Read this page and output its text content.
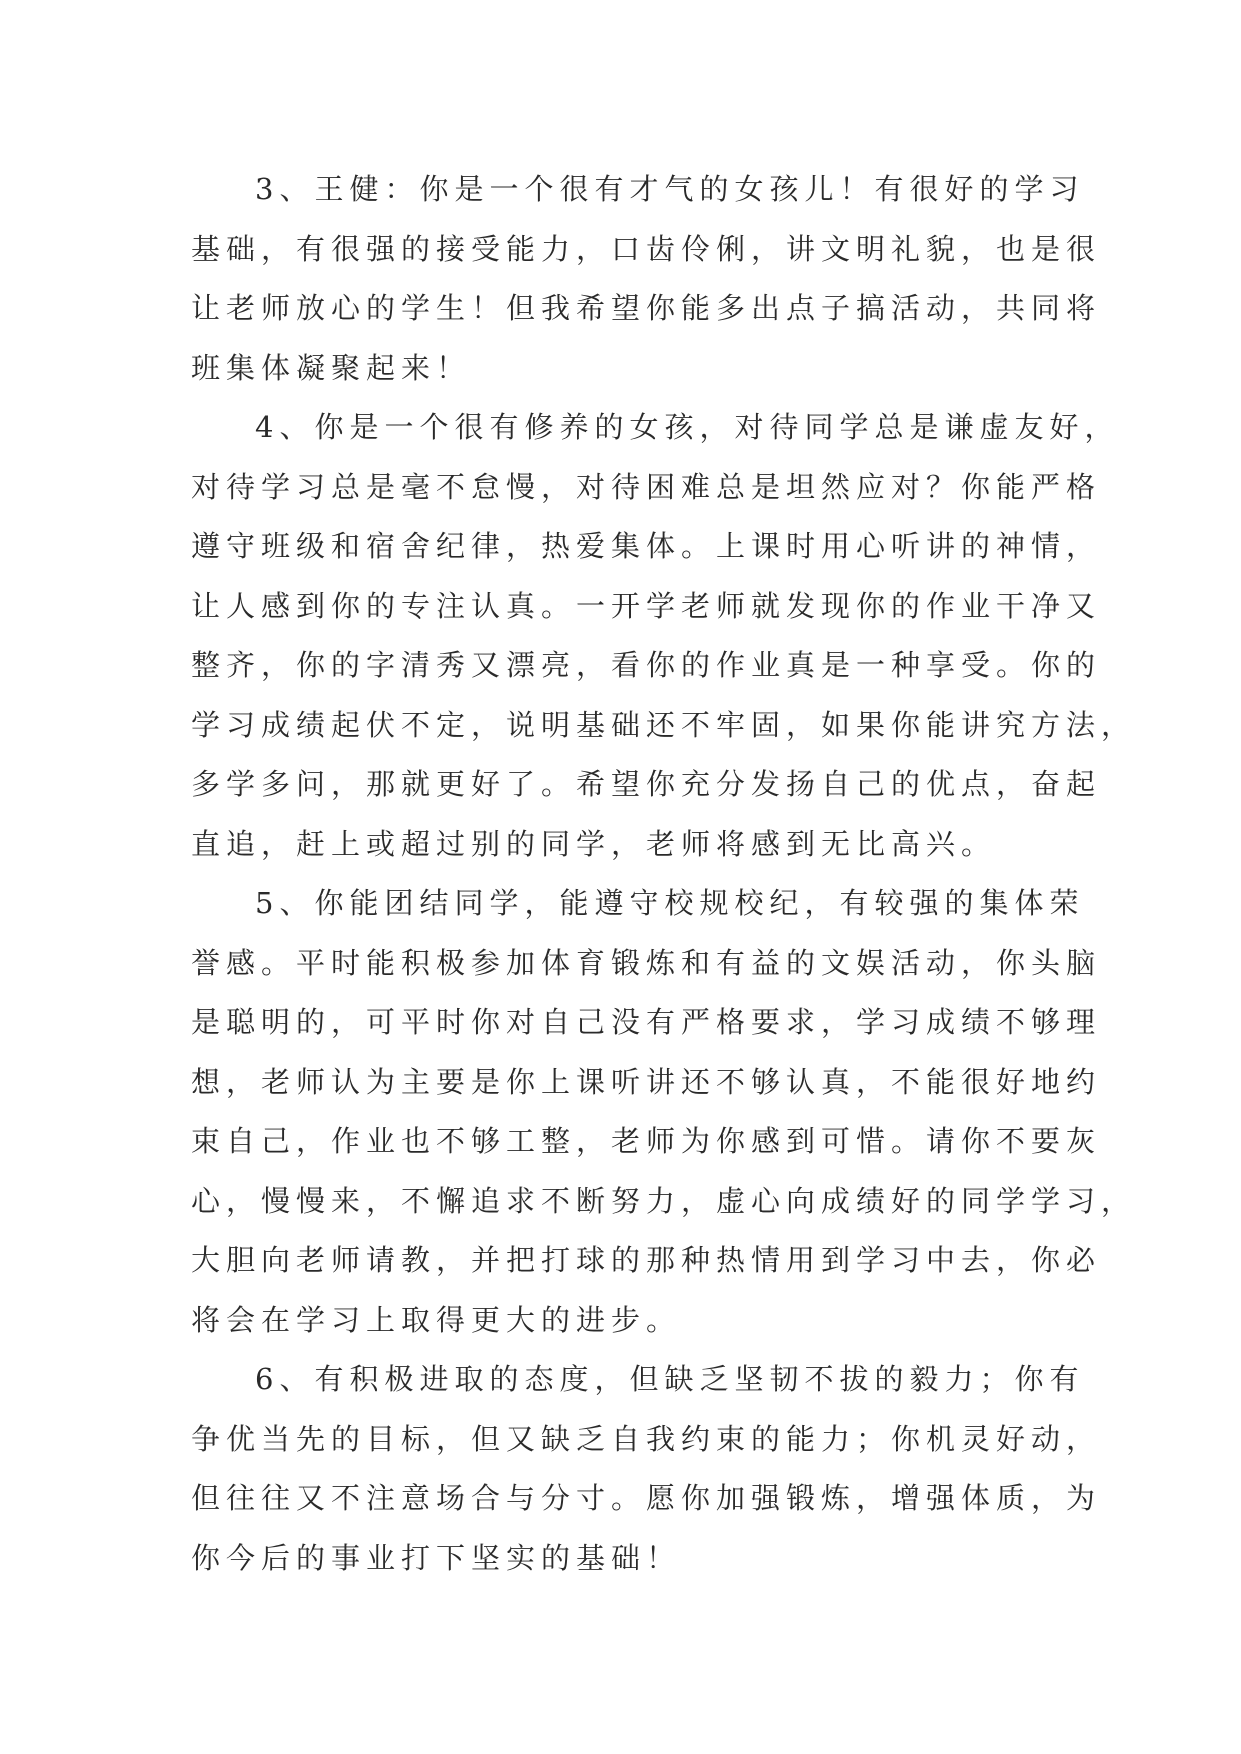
3、王健：你是一个很有才气的女孩儿！有很好的学习
基础，有很强的接受能力，口齿伶俐，讲文明礼貌，也是很
让老师放心的学生！但我希望你能多出点子搞活动，共同将
班集体凝聚起来！
4、你是一个很有修养的女孩，对待同学总是谦虚友好，
对待学习总是毫不怠慢，对待困难总是坦然应对？你能严格
遵守班级和宿舍纪律，热爱集体。上课时用心听讲的神情，
让人感到你的专注认真。一开学老师就发现你的作业干净又
整齐，你的字清秀又漂亮，看你的作业真是一种享受。你的
学习成绩起伏不定，说明基础还不牢固，如果你能讲究方法，
多学多问，那就更好了。希望你充分发扬自己的优点，奋起
直追，赶上或超过别的同学，老师将感到无比高兴。
5、你能团结同学，能遵守校规校纪，有较强的集体荣
誉感。平时能积极参加体育锻炼和有益的文娱活动，你头脑
是聪明的，可平时你对自己没有严格要求，学习成绩不够理
想，老师认为主要是你上课听讲还不够认真，不能很好地约
束自己，作业也不够工整，老师为你感到可惜。请你不要灰
心，慢慢来，不懈追求不断努力，虚心向成绩好的同学学习，
大胆向老师请教，并把打球的那种热情用到学习中去，你必
将会在学习上取得更大的进步。
6、有积极进取的态度，但缺乏坚韧不拔的毅力；你有
争优当先的目标，但又缺乏自我约束的能力；你机灵好动，
但往往又不注意场合与分寸。愿你加强锻炼，增强体质，为
你今后的事业打下坚实的基础！
